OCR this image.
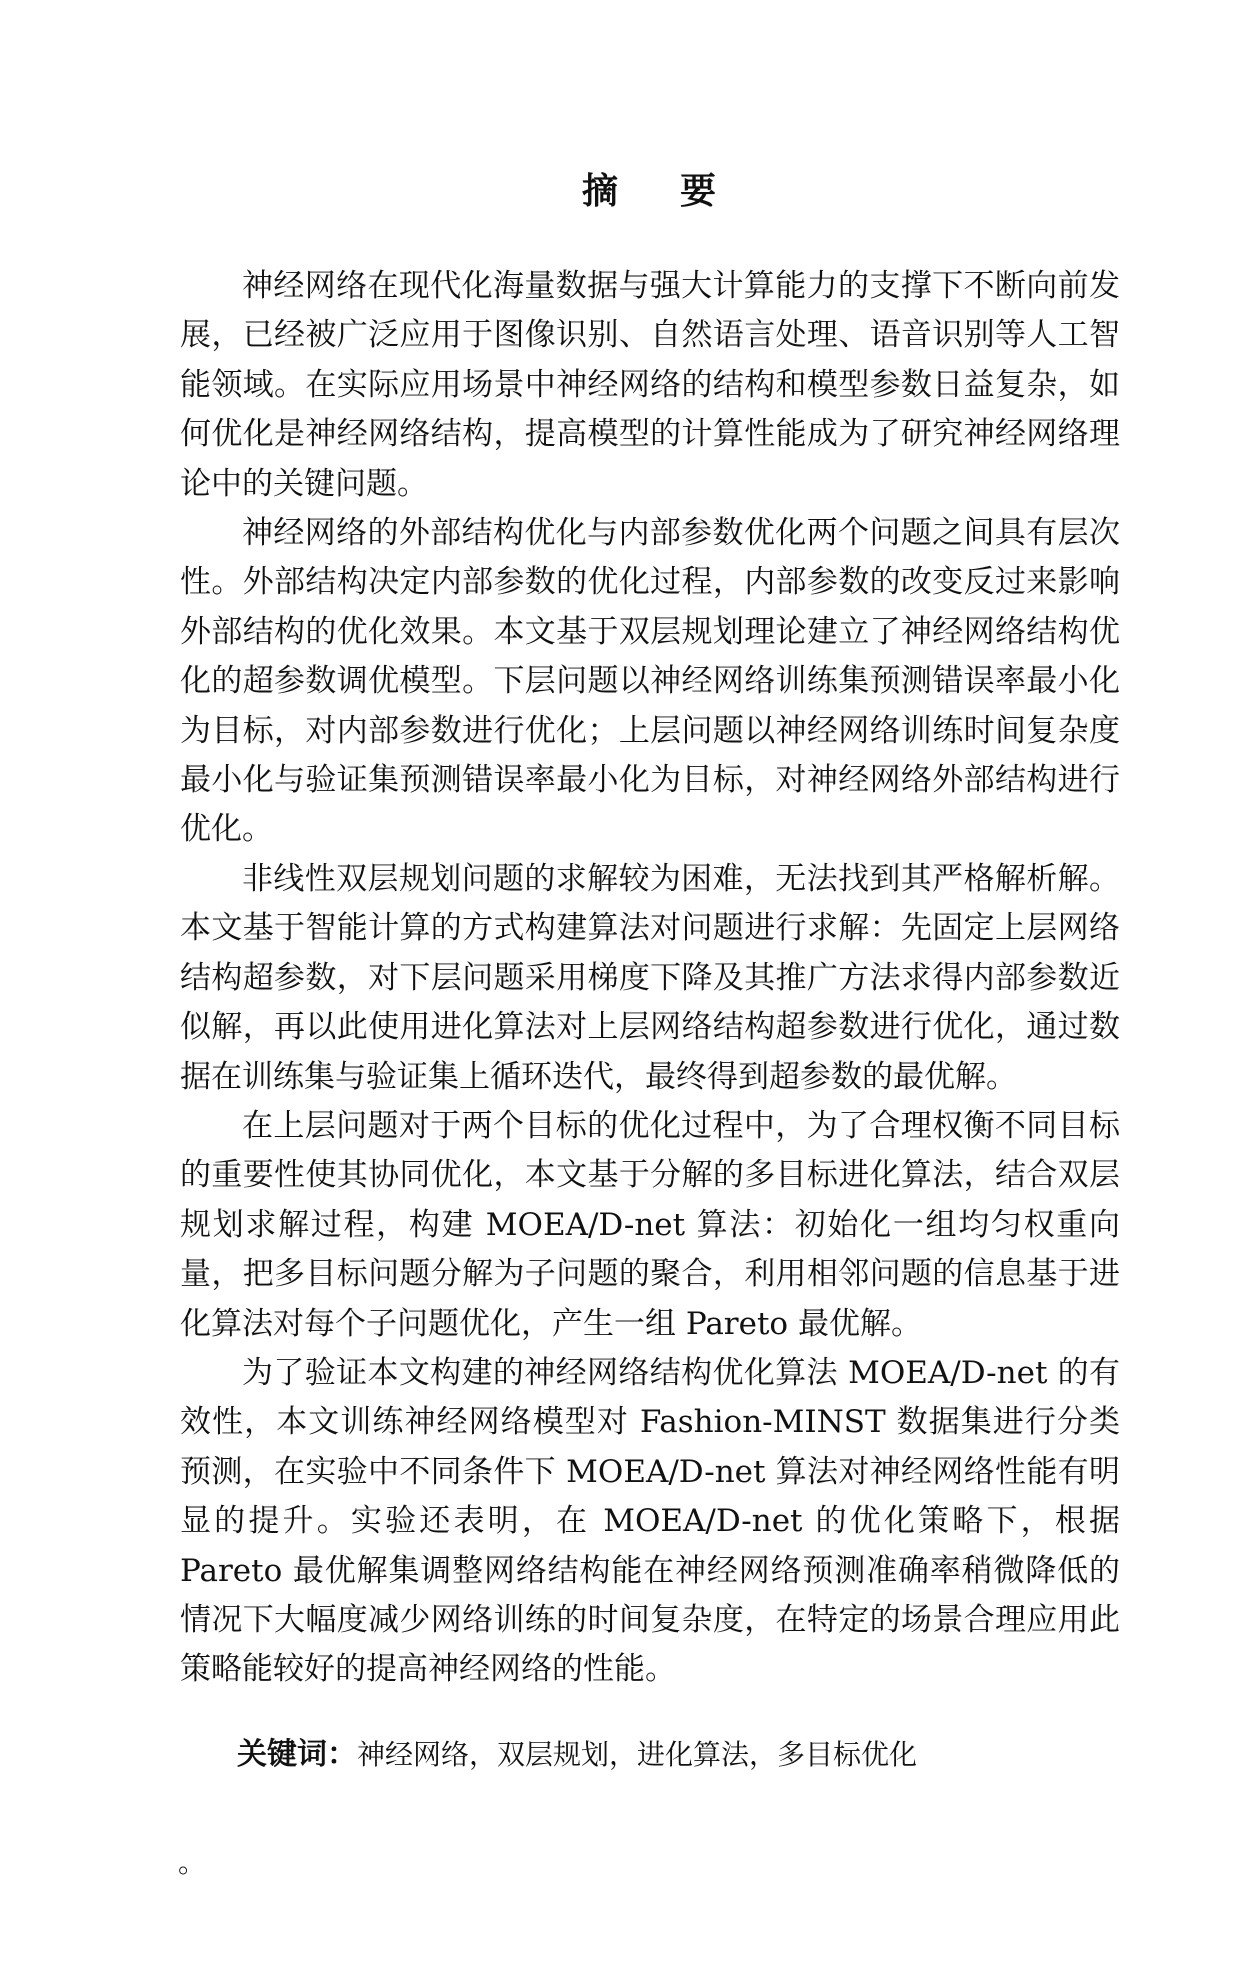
摘 要

神经网络在现代化海量数据与强大计算能力的支撑下不断向前发展，已经被广泛应用于图像识别、自然语言处理、语音识别等人工智能领域。在实际应用场景中神经网络的结构和模型参数日益复杂，如何优化是神经网络结构，提高模型的计算性能成为了研究神经网络理论中的关键问题。

神经网络的外部结构优化与内部参数优化两个问题之间具有层次性。外部结构决定内部参数的优化过程，内部参数的改变反过来影响外部结构的优化效果。本文基于双层规划理论建立了神经网络结构优化的超参数调优模型。下层问题以神经网络训练集预测错误率最小化为目标，对内部参数进行优化；上层问题以神经网络训练时间复杂度最小化与验证集预测错误率最小化为目标，对神经网络外部结构进行优化。

非线性双层规划问题的求解较为困难，无法找到其严格解析解。本文基于智能计算的方式构建算法对问题进行求解：先固定上层网络结构超参数，对下层问题采用梯度下降及其推广方法求得内部参数近似解，再以此使用进化算法对上层网络结构超参数进行优化，通过数据在训练集与验证集上循环迭代，最终得到超参数的最优解。

在上层问题对于两个目标的优化过程中，为了合理权衡不同目标的重要性使其协同优化，本文基于分解的多目标进化算法，结合双层规划求解过程，构建 MOEA/D-net 算法：初始化一组均匀权重向量，把多目标问题分解为子问题的聚合，利用相邻问题的信息基于进化算法对每个子问题优化，产生一组 Pareto 最优解。

为了验证本文构建的神经网络结构优化算法 MOEA/D-net 的有效性，本文训练神经网络模型对 Fashion-MINST 数据集进行分类预测，在实验中不同条件下 MOEA/D-net 算法对神经网络性能有明显的提升。实验还表明，在 MOEA/D-net 的优化策略下，根据 Pareto 最优解集调整网络结构能在神经网络预测准确率稍微降低的情况下大幅度减少网络训练的时间复杂度，在特定的场景合理应用此策略能较好的提高神经网络的性能。

关键词：神经网络，双层规划，进化算法，多目标优化
。
